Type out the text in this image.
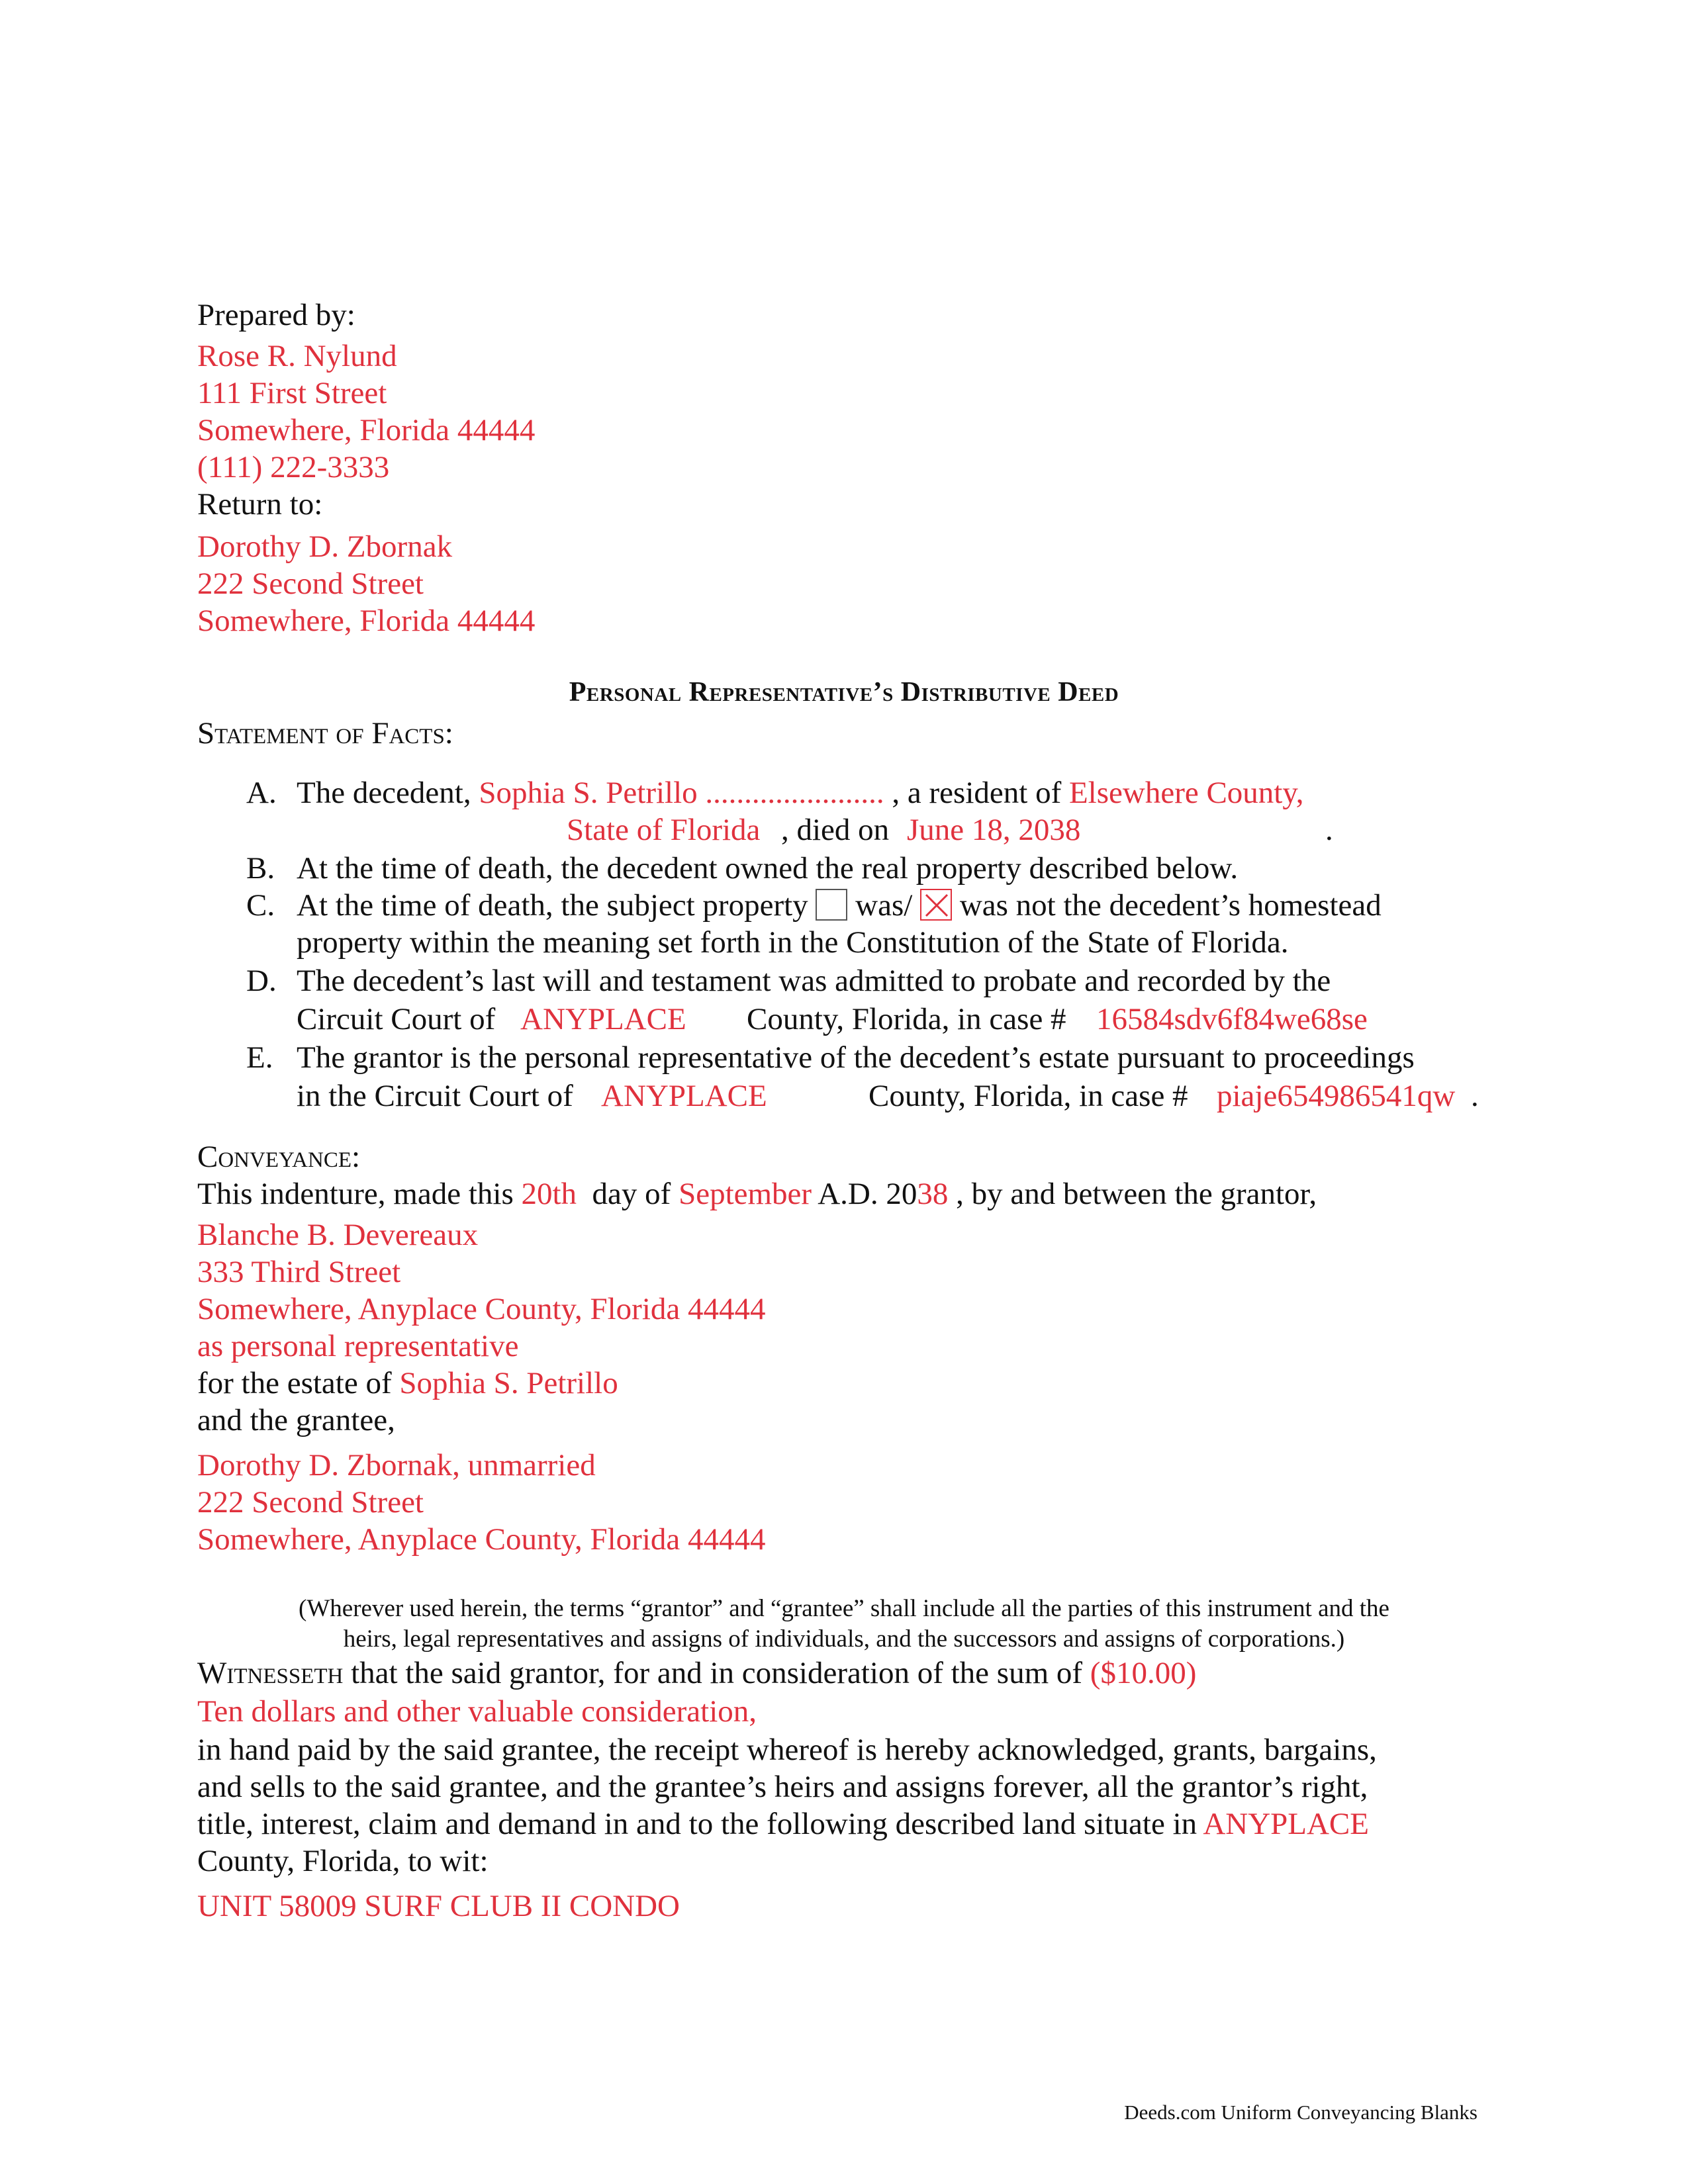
Prepared by:
Rose R. Nylund
111 First Street
Somewhere, Florida 44444
(111) 222-3333
Return to:
Dorothy D. Zbornak
222 Second Street
Somewhere, Florida 44444
Personal Representative’s Distributive Deed
Statement of Facts:
A. The decedent, Sophia S. Petrillo ....................... , a resident of Elsewhere County,
State of Florida , died on June 18, 2038	.
B. At the time of death, the decedent owned the real property described below.
C. At the time of death, the subject property was/ was not the decedent’s homestead
property within the meaning set forth in the Constitution of the State of Florida.
D. The decedent’s last will and testament was admitted to probate and recorded by the
Circuit Court of ANYPLACE County, Florida, in case # 16584sdv6f84we68se
E. The grantor is the personal representative of the decedent’s estate pursuant to proceedings
in the Circuit Court of ANYPLACE	County, Florida, in case # piaje654986541qw .
Conveyance:
This indenture, made this 20th day of September A.D. 2038 , by and between the grantor,
Blanche B. Devereaux
333 Third Street
Somewhere, Anyplace County, Florida 44444
as personal representative
for the estate of Sophia S. Petrillo
and the grantee,
Dorothy D. Zbornak, unmarried
222 Second Street
Somewhere, Anyplace County, Florida 44444
(Wherever used herein, the terms “grantor” and “grantee” shall include all the parties of this instrument and the
heirs, legal representatives and assigns of individuals, and the successors and assigns of corporations.)
Witnesseth that the said grantor, for and in consideration of the sum of ($10.00)
Ten dollars and other valuable consideration,
in hand paid by the said grantee, the receipt whereof is hereby acknowledged, grants, bargains,
and sells to the said grantee, and the grantee’s heirs and assigns forever, all the grantor’s right,
title, interest, claim and demand in and to the following described land situate in ANYPLACE
County, Florida, to wit:
UNIT 58009 SURF CLUB II CONDO
Deeds.com Uniform Conveyancing Blanks
